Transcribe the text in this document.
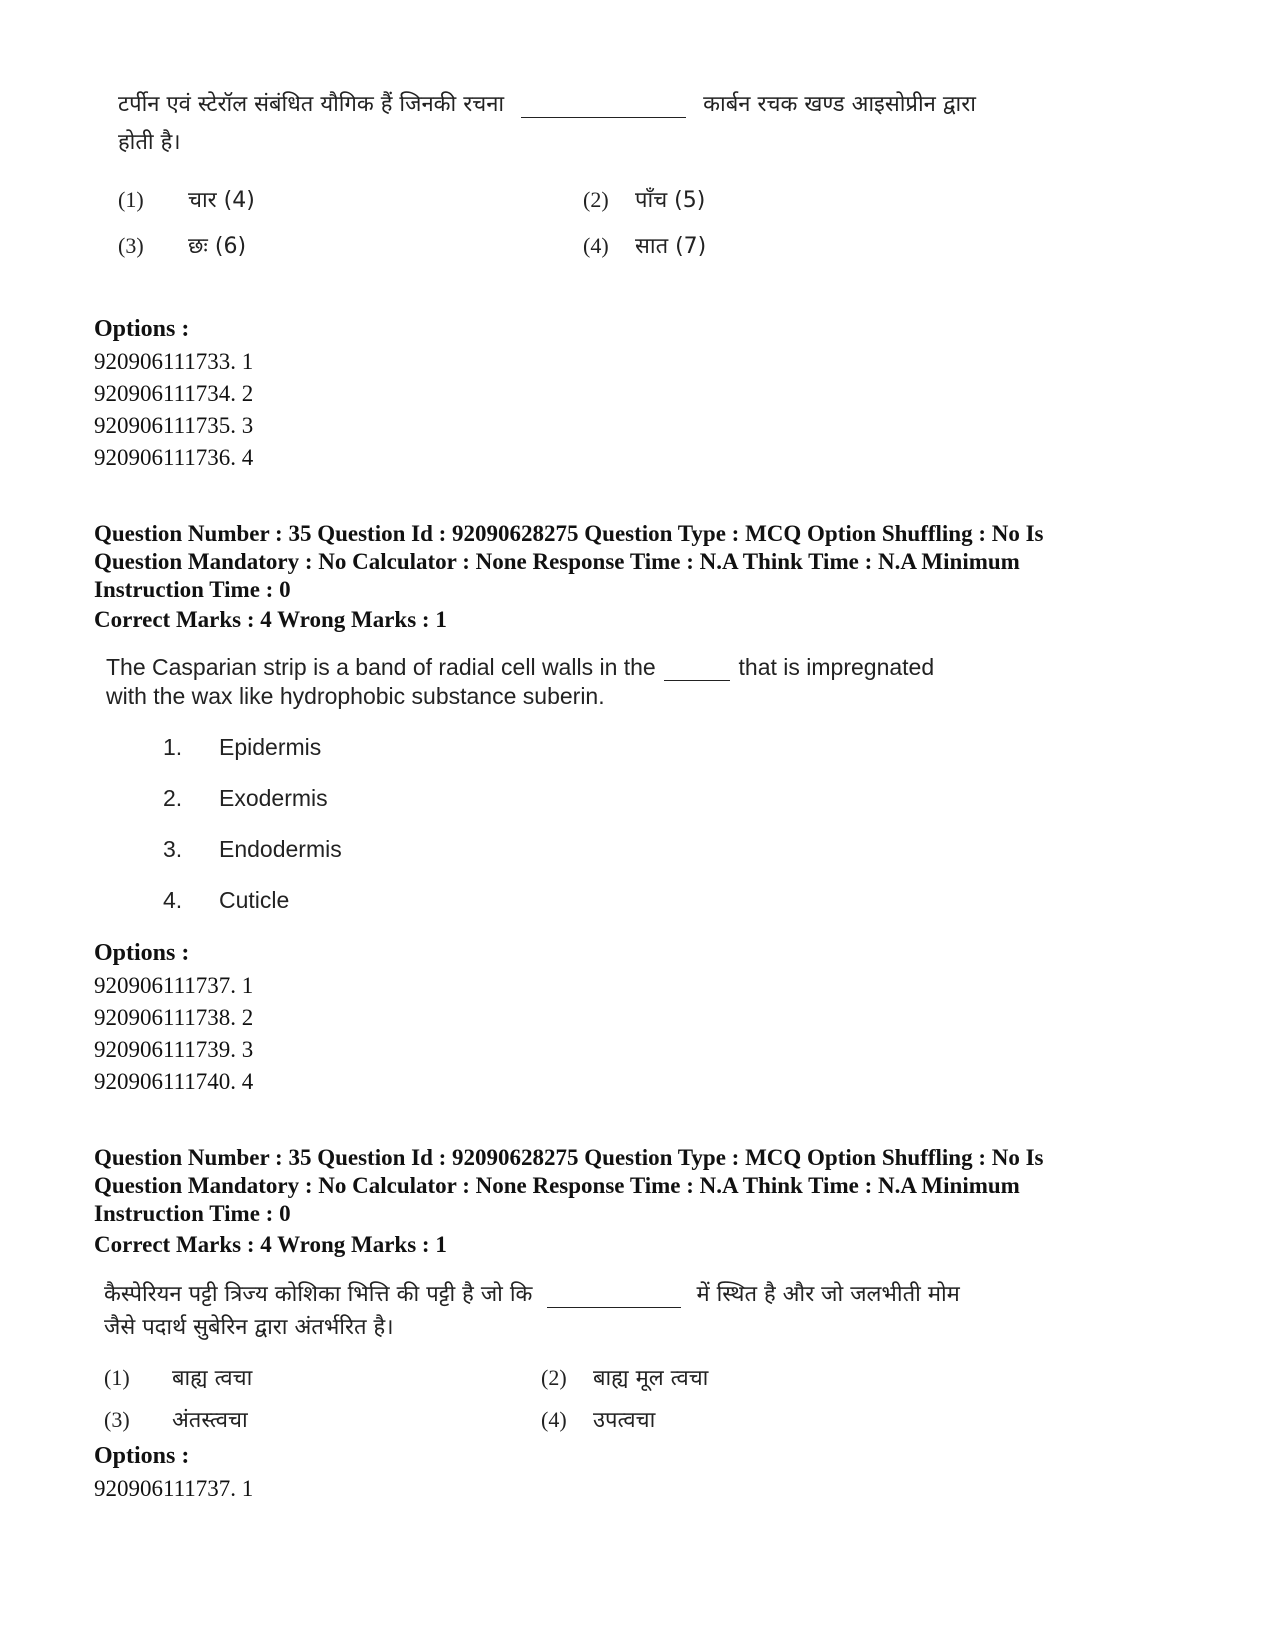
टर्पीन एवं स्टेरॉल संबंधित यौगिक हैं जिनकी रचना	कार्बन रचक खण्ड आइसोप्रीन द्वारा
होती है।
(1) चार (4)	(2) पाँच (5)
(3) छः (6)	(4) सात (7)
Options :
920906111733. 1
920906111734. 2
920906111735. 3
920906111736. 4
Question Number : 35 Question Id : 92090628275 Question Type : MCQ Option Shuffling : No Is
Question Mandatory : No Calculator : None Response Time : N.A Think Time : N.A Minimum
Instruction Time : 0
Correct Marks : 4 Wrong Marks : 1
The Casparian strip is a band of radial cell walls in the	that is impregnated
with the wax like hydrophobic substance suberin.
1. Epidermis
2. Exodermis
3. Endodermis
4. Cuticle
Options :
920906111737. 1
920906111738. 2
920906111739. 3
920906111740. 4
Question Number : 35 Question Id : 92090628275 Question Type : MCQ Option Shuffling : No Is
Question Mandatory : No Calculator : None Response Time : N.A Think Time : N.A Minimum
Instruction Time : 0
Correct Marks : 4 Wrong Marks : 1
कैस्पेरियन पट्टी त्रिज्य कोशिका भित्ति की पट्टी है जो कि	में स्थित है और जो जलभीती मोम
जैसे पदार्थ सुबेरिन द्वारा अंतर्भरित है।
(1) बाह्य त्वचा	(2) बाह्य मूल त्वचा
(3) अंतस्त्वचा	(4) उपत्वचा
Options :
920906111737. 1
